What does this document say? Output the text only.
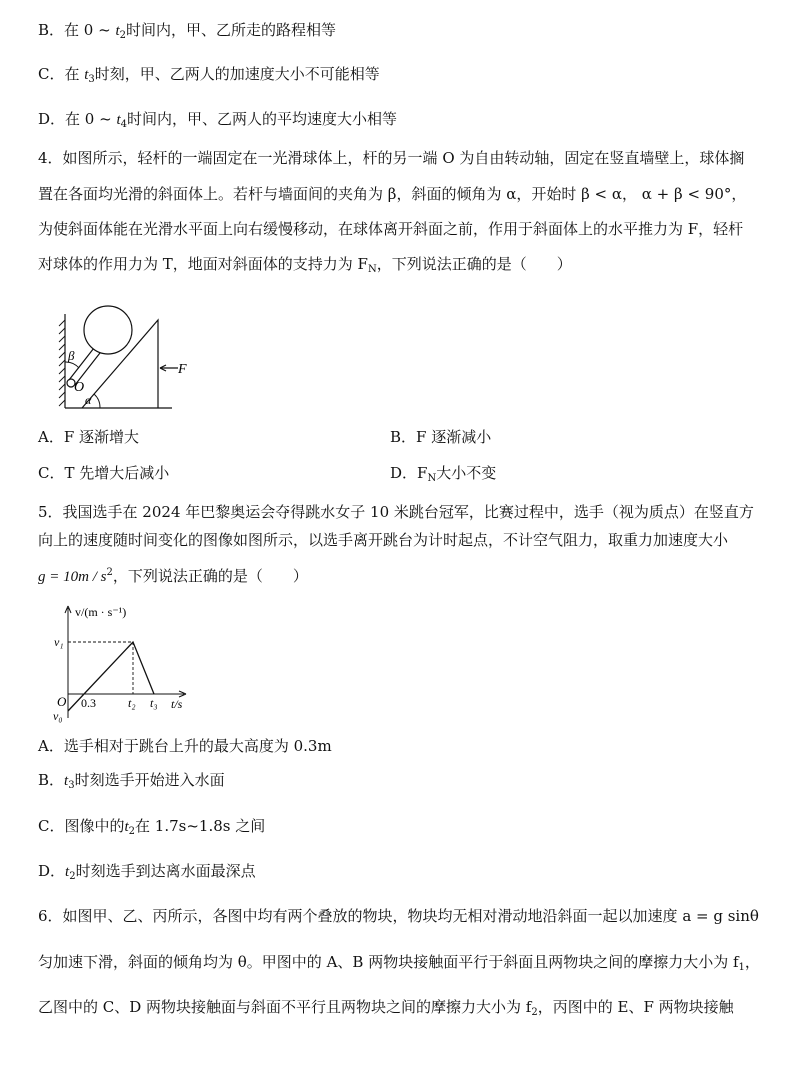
B．在 0 ~ $t_2$时间内，甲、乙所走的路程相等
C．在 $t_3$时刻，甲、乙两人的加速度大小不可能相等
D．在 0 ~ $t_4$时间内，甲、乙两人的平均速度大小相等
4．如图所示，轻杆的一端固定在一光滑球体上，杆的另一端 O 为自由转动轴，固定在竖直墙壁上，球体搁
置在各面均光滑的斜面体上。若杆与墙面间的夹角为 β，斜面的倾角为 α，开始时 β < α， α + β < 90°，
为使斜面体能在光滑水平面上向右缓慢移动，在球体离开斜面之前，作用于斜面体上的水平推力为 F，轻杆
对球体的作用力为 T，地面对斜面体的支持力为 $F_N$，下列说法正确的是（　　）
β
O
α
F
A．F 逐渐增大	B．F 逐渐减小
C．T 先增大后减小	D．$F_N$大小不变
5．我国选手在 2024 年巴黎奥运会夺得跳水女子 10 米跳台冠军，比赛过程中，选手（视为质点）在竖直方
向上的速度随时间变化的图像如图所示，以选手离开跳台为计时起点，不计空气阻力，取重力加速度大小
$g = 10m / s^2$，下列说法正确的是（　　）
v/(m · s⁻¹)
v₁
O
v₀
0.3	t₂ t₃ t/s
A．选手相对于跳台上升的最大高度为 0.3m
B．$t_3$时刻选手开始进入水面
C．图像中的$t_2$在 1.7s~1.8s 之间
D．$t_2$时刻选手到达离水面最深点
6．如图甲、乙、丙所示，各图中均有两个叠放的物块，物块均无相对滑动地沿斜面一起以加速度 a = g sinθ
匀加速下滑，斜面的倾角均为 θ。甲图中的 A、B 两物块接触面平行于斜面且两物块之间的摩擦力大小为 $f_1$，
乙图中的 C、D 两物块接触面与斜面不平行且两物块之间的摩擦力大小为 $f_2$，丙图中的 E、F 两物块接触
